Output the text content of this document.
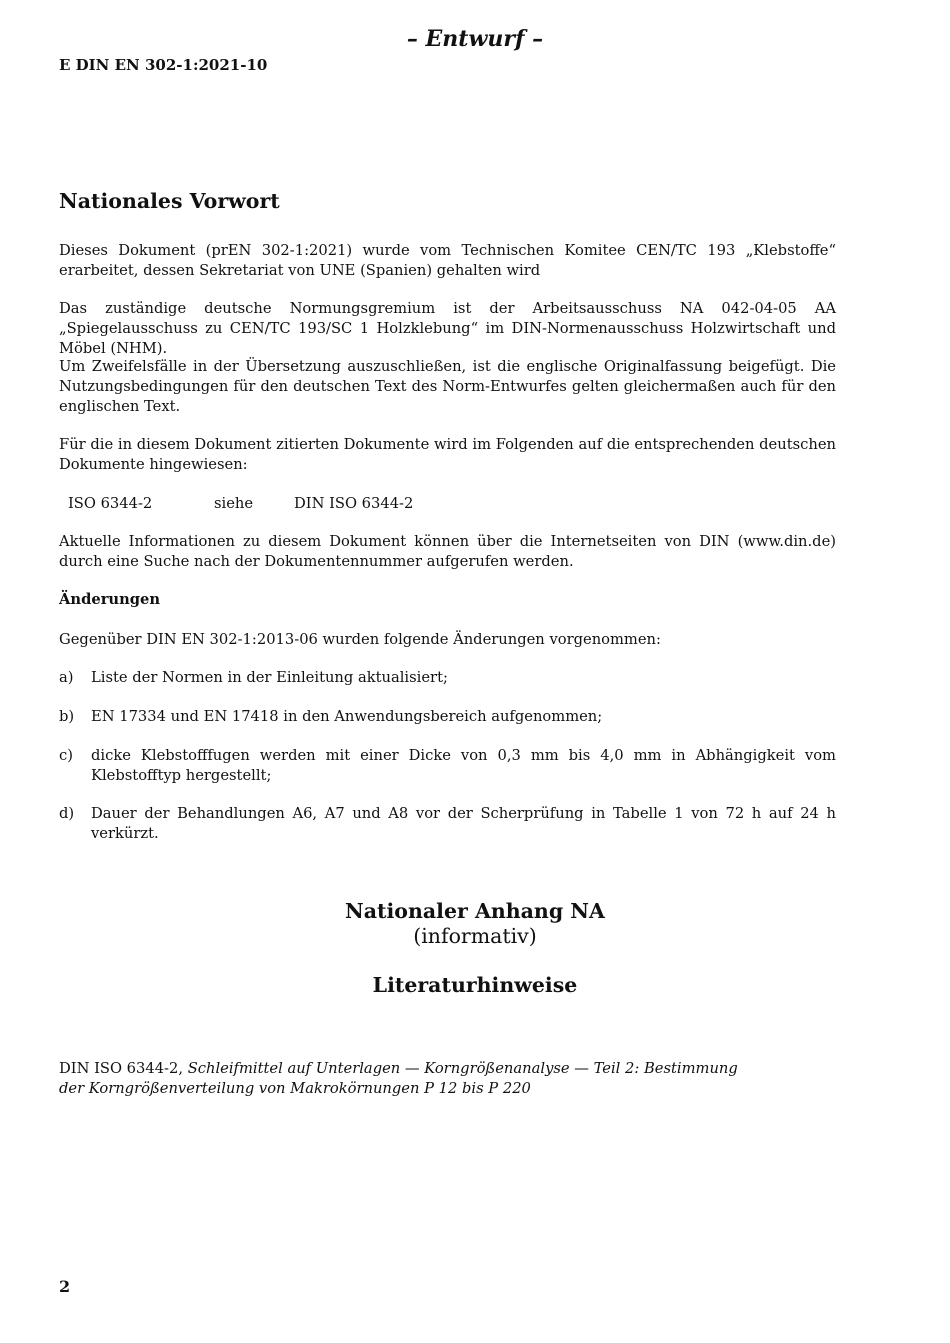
– Entwurf –
E DIN EN 302-1:2021-10
Nationales Vorwort

Dieses Dokument (prEN 302-1:2021) wurde vom Technischen Komitee CEN/TC 193 „Klebstoffe“ erarbeitet, dessen Sekretariat von UNE (Spanien) gehalten wird

Das zuständige deutsche Normungsgremium ist der Arbeitsausschuss NA 042-04-05 AA „Spiegelausschuss zu CEN/TC 193/SC 1 Holzklebung“ im DIN-Normenausschuss Holzwirtschaft und Möbel (NHM).

Um Zweifelsfälle in der Übersetzung auszuschließen, ist die englische Originalfassung beigefügt. Die Nutzungsbedingungen für den deutschen Text des Norm-Entwurfes gelten gleichermaßen auch für den englischen Text.

Für die in diesem Dokument zitierten Dokumente wird im Folgenden auf die entsprechenden deutschen Dokumente hingewiesen:

ISO 6344-2	siehe	DIN ISO 6344-2

Aktuelle Informationen zu diesem Dokument können über die Internetseiten von DIN (www.din.de) durch eine Suche nach der Dokumentennummer aufgerufen werden.

Änderungen

Gegenüber DIN EN 302-1:2013-06 wurden folgende Änderungen vorgenommen:

a) Liste der Normen in der Einleitung aktualisiert;
b) EN 17334 und EN 17418 in den Anwendungsbereich aufgenommen;
c) dicke Klebstofffugen werden mit einer Dicke von 0,3 mm bis 4,0 mm in Abhängigkeit vom Klebstofftyp hergestellt;
d) Dauer der Behandlungen A6, A7 und A8 vor der Scherprüfung in Tabelle 1 von 72 h auf 24 h verkürzt.
Nationaler Anhang NA
(informativ)
Literaturhinweise
DIN ISO 6344-2, Schleifmittel auf Unterlagen — Korngrößenanalyse — Teil 2: Bestimmung der Korngrößenverteilung von Makrokörnungen P 12 bis P 220
2
